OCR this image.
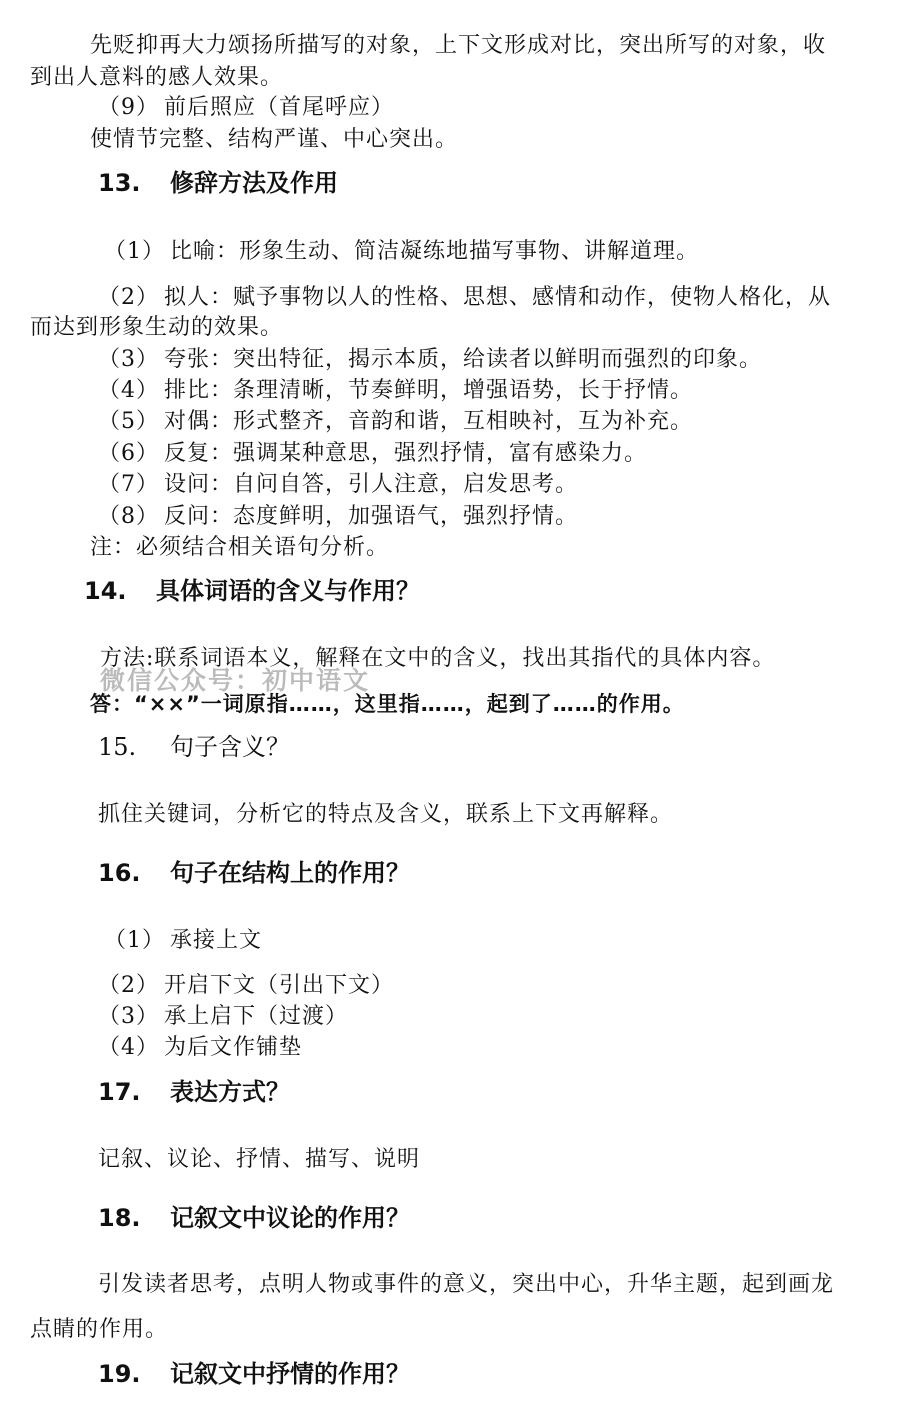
先贬抑再大力颂扬所描写的对象，上下文形成对比，突出所写的对象，收
到出人意料的感人效果。
（9） 前后照应（首尾呼应）
使情节完整、结构严谨、中心突出。
13. 修辞方法及作用
（1） 比喻：形象生动、简洁凝练地描写事物、讲解道理。
（2） 拟人：赋予事物以人的性格、思想、感情和动作，使物人格化，从
而达到形象生动的效果。
（3） 夸张：突出特征，揭示本质，给读者以鲜明而强烈的印象。
（4） 排比：条理清晰，节奏鲜明，增强语势，长于抒情。
（5） 对偶：形式整齐，音韵和谐，互相映衬，互为补充。
（6） 反复：强调某种意思，强烈抒情，富有感染力。
（7） 设问：自问自答，引人注意，启发思考。
（8） 反问：态度鲜明，加强语气，强烈抒情。
注：必须结合相关语句分析。
14. 具体词语的含义与作用？
方法:联系词语本义，解释在文中的含义，找出其指代的具体内容。
微信公众号：初中语文
答：“××”一词原指……，这里指……，起到了……的作用。
15. 句子含义？
抓住关键词，分析它的特点及含义，联系上下文再解释。
16. 句子在结构上的作用？
（1） 承接上文
（2） 开启下文（引出下文）
（3） 承上启下（过渡）
（4） 为后文作铺垫
17. 表达方式？
记叙、议论、抒情、描写、说明
18. 记叙文中议论的作用？
引发读者思考，点明人物或事件的意义，突出中心，升华主题，起到画龙
点睛的作用。
19. 记叙文中抒情的作用？
